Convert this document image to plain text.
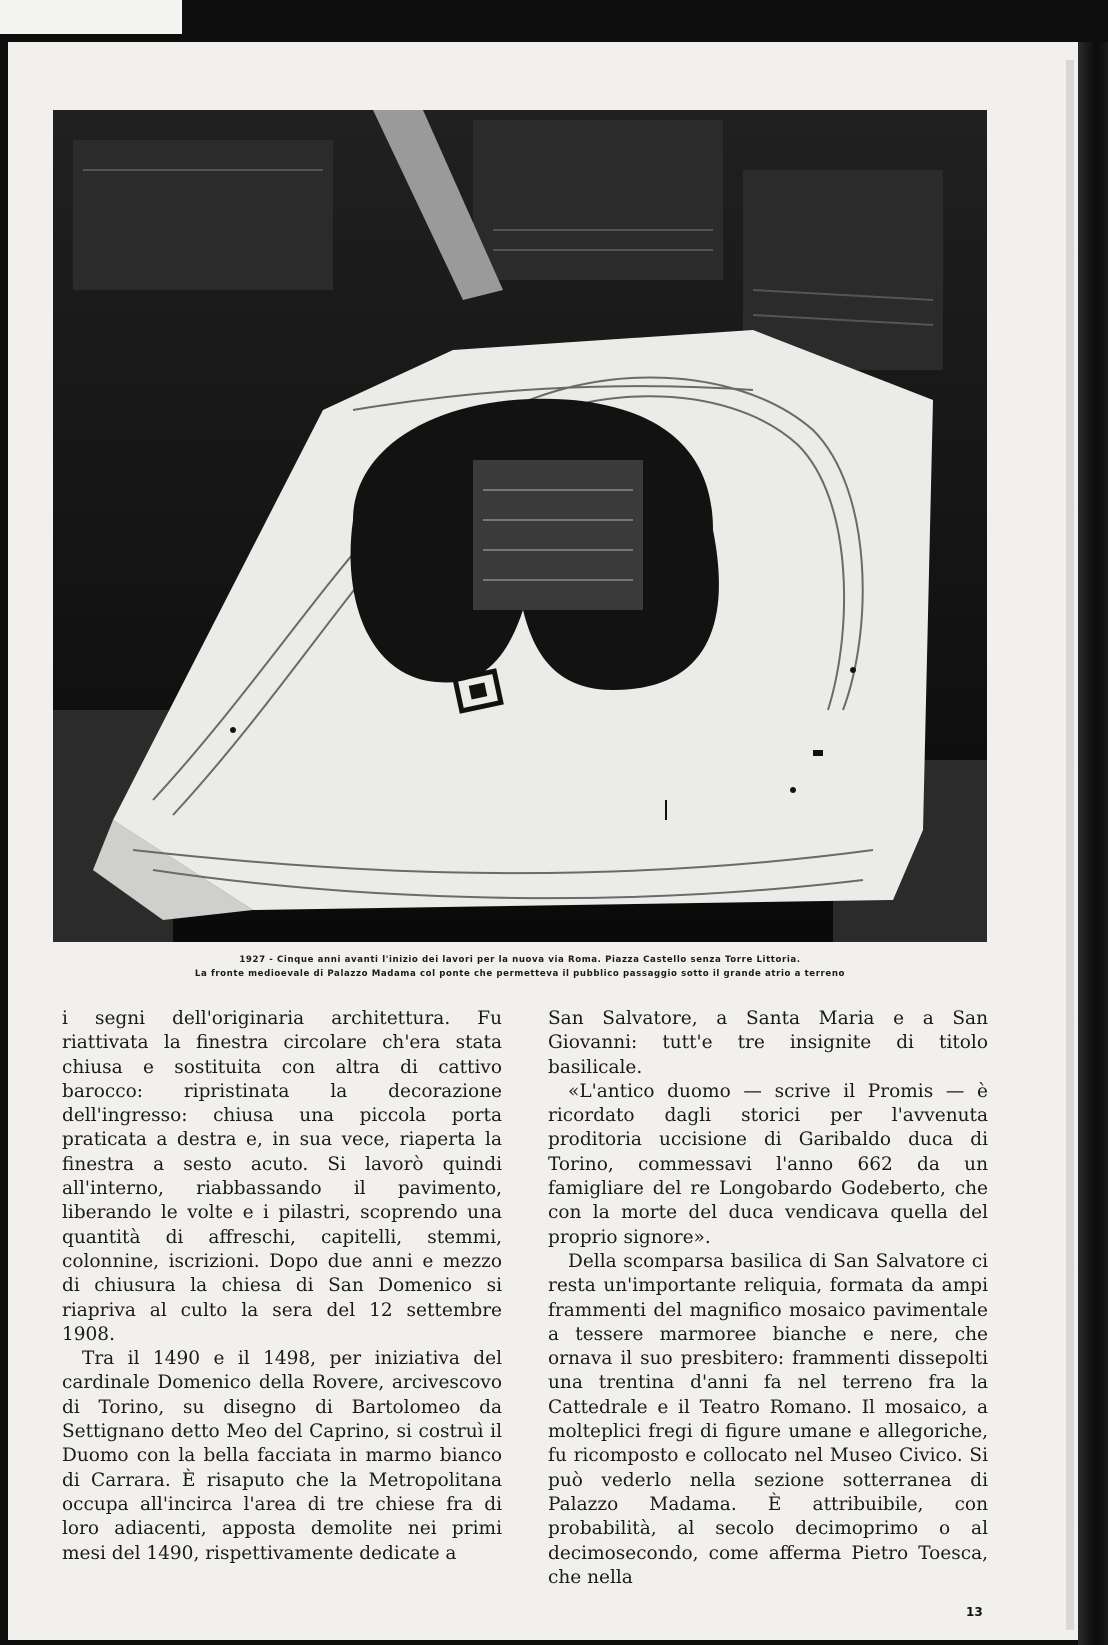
1927 - Cinque anni avanti l'inizio dei lavori per la nuova via Roma. Piazza Castello senza Torre Littoria.
La fronte medioevale di Palazzo Madama col ponte che permetteva il pubblico passaggio sotto il grande atrio a terreno

i segni dell'originaria architettura. Fu riattivata la finestra circolare ch'era stata chiusa e sostituita con altra di cattivo barocco: ripristinata la decorazione dell'ingresso: chiusa una piccola porta praticata a destra e, in sua vece, riaperta la finestra a sesto acuto. Si lavorò quindi all'interno, riabbassando il pavimento, liberando le volte e i pilastri, scoprendo una quantità di affreschi, capitelli, stemmi, colonnine, iscrizioni. Dopo due anni e mezzo di chiusura la chiesa di San Domenico si riapriva al culto la sera del 12 settembre 1908.

Tra il 1490 e il 1498, per iniziativa del cardinale Domenico della Rovere, arcivescovo di Torino, su disegno di Bartolomeo da Settignano detto Meo del Caprino, si costruì il Duomo con la bella facciata in marmo bianco di Carrara. È risaputo che la Metropolitana occupa all'incirca l'area di tre chiese fra di loro adiacenti, apposta demolite nei primi mesi del 1490, rispettivamente dedicate a

San Salvatore, a Santa Maria e a San Giovanni: tutt'e tre insignite di titolo basilicale.

«L'antico duomo — scrive il Promis — è ricordato dagli storici per l'avvenuta proditoria uccisione di Garibaldo duca di Torino, commessavi l'anno 662 da un famigliare del re Longobardo Godeberto, che con la morte del duca vendicava quella del proprio signore».

Della scomparsa basilica di San Salvatore ci resta un'importante reliquia, formata da ampi frammenti del magnifico mosaico pavimentale a tessere marmoree bianche e nere, che ornava il suo presbitero: frammenti dissepolti una trentina d'anni fa nel terreno fra la Cattedrale e il Teatro Romano. Il mosaico, a molteplici fregi di figure umane e allegoriche, fu ricomposto e collocato nel Museo Civico. Si può vederlo nella sezione sotterranea di Palazzo Madama. È attribuibile, con probabilità, al secolo decimoprimo o al decimosecondo, come afferma Pietro Toesca, che nella

13
